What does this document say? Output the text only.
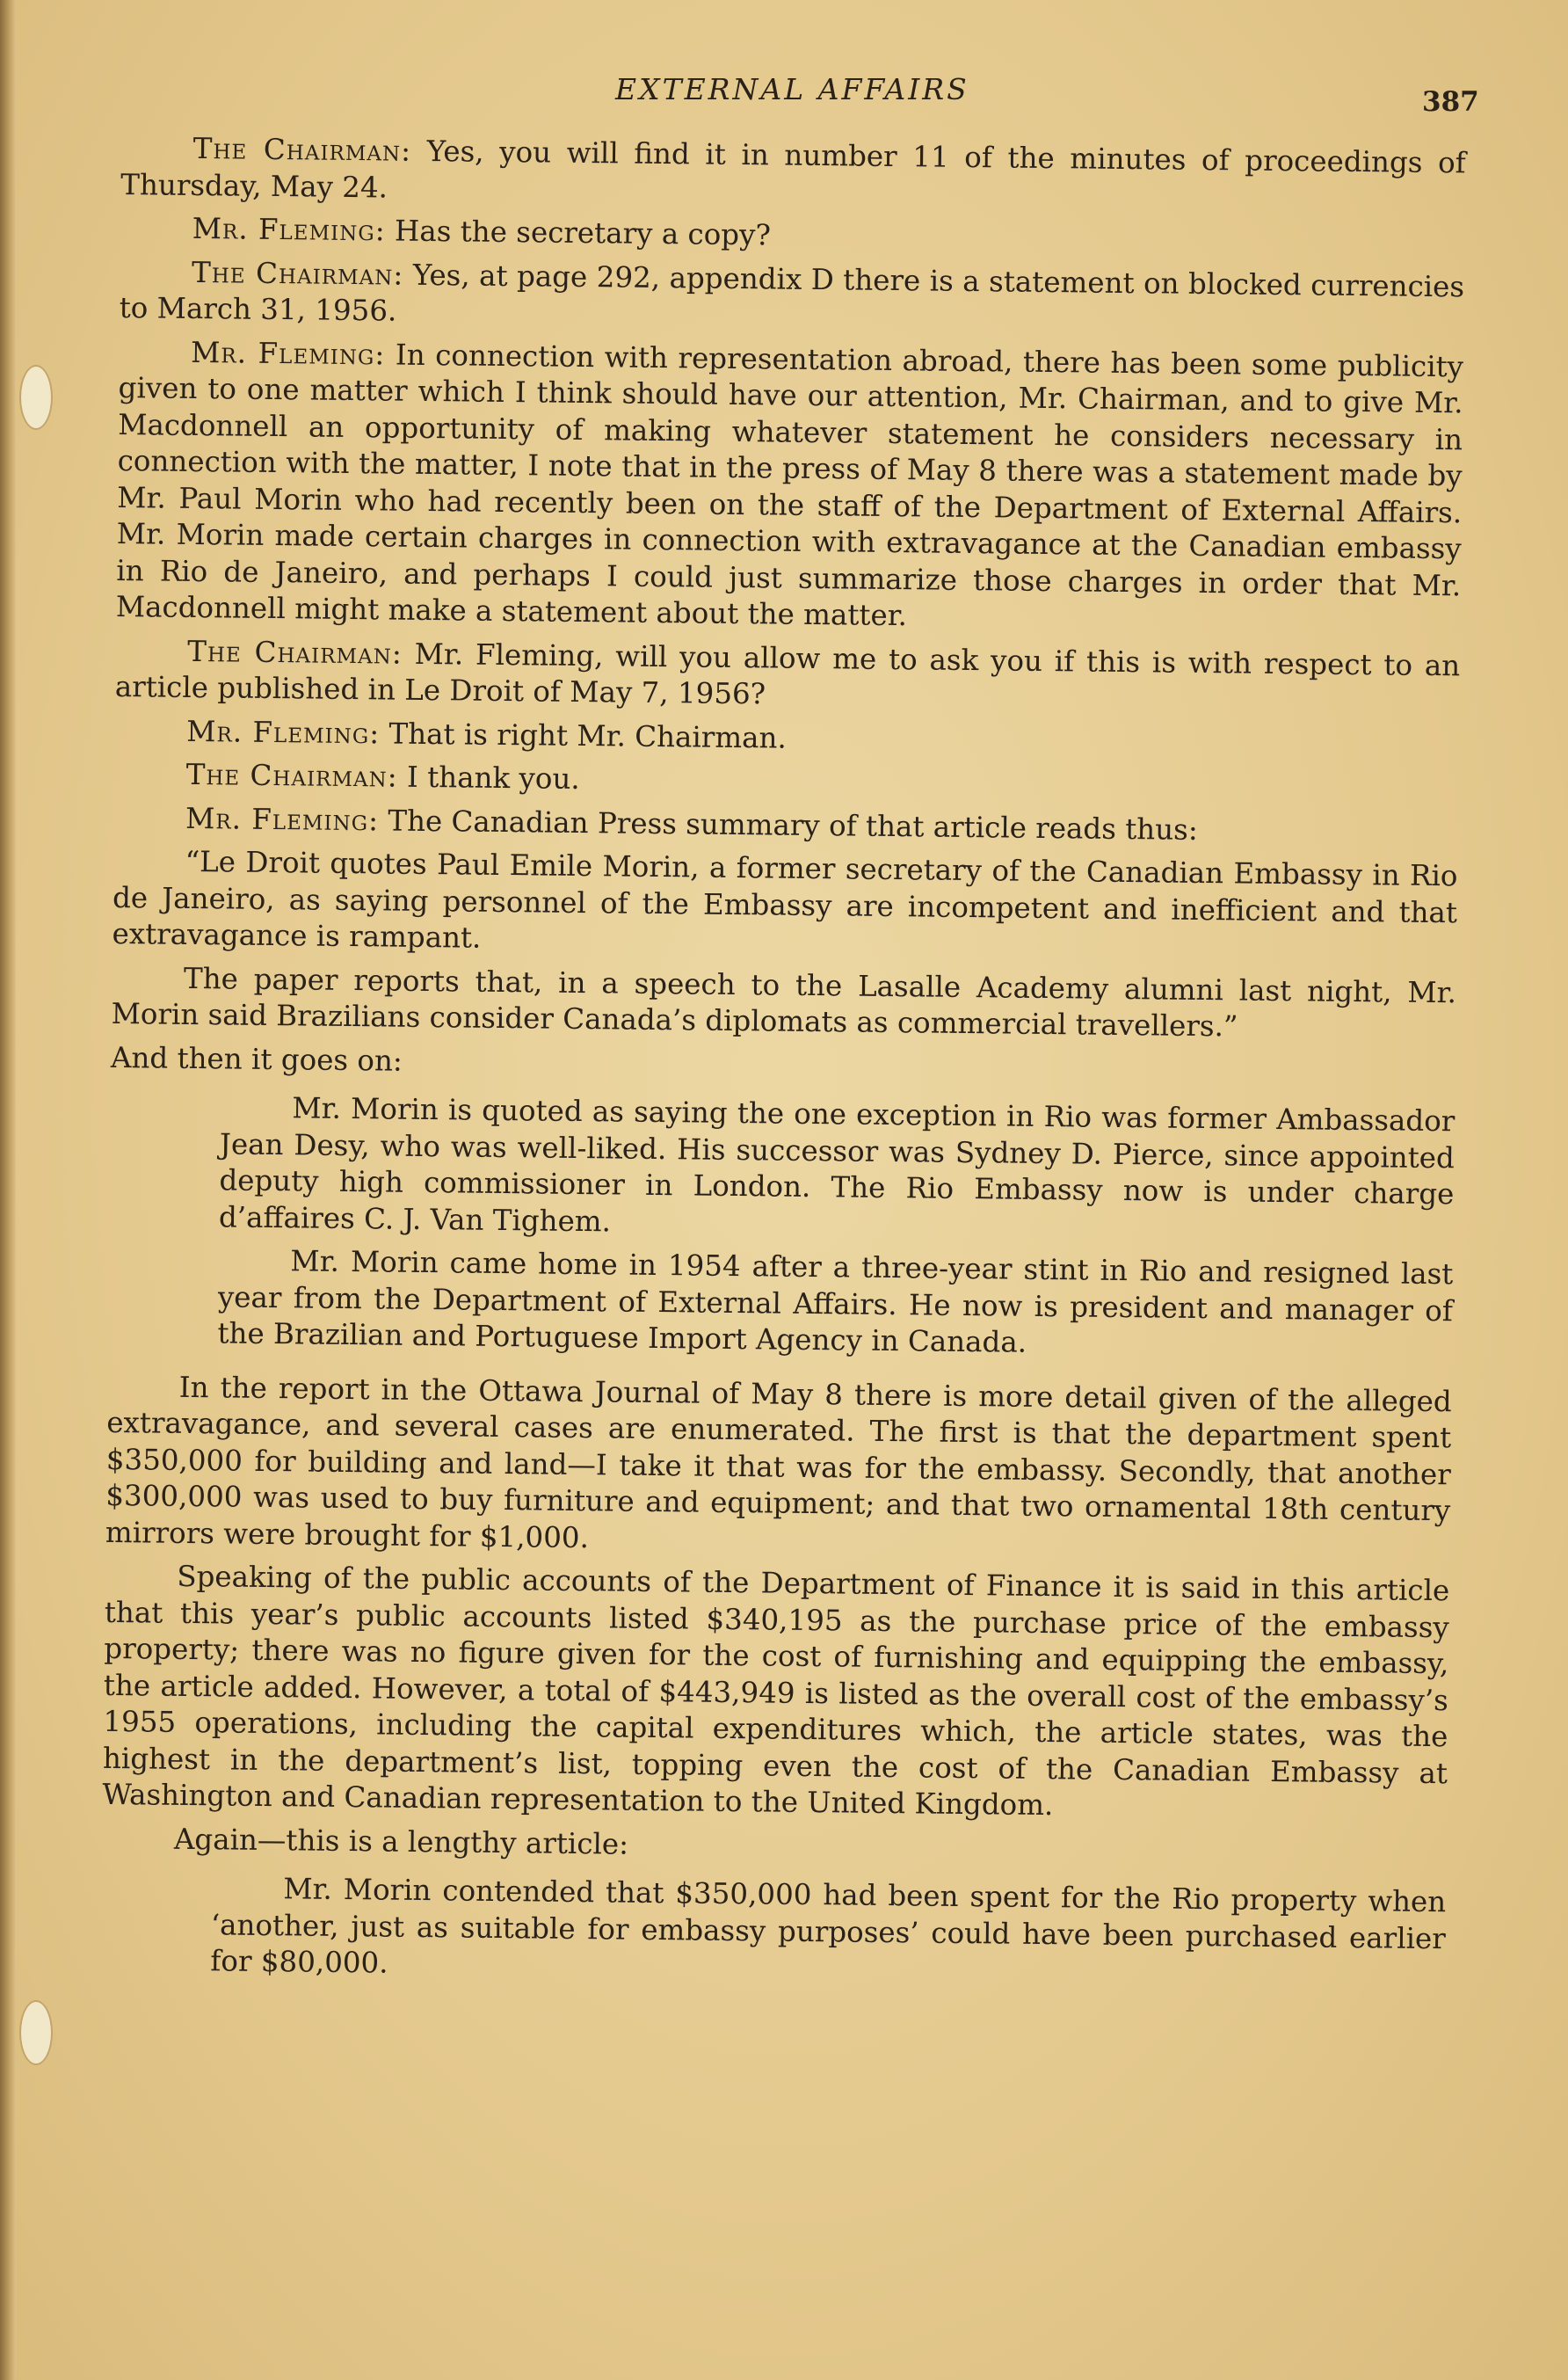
EXTERNAL AFFAIRS	387

The Chairman: Yes, you will find it in number 11 of the minutes of proceedings of Thursday, May 24.

Mr. Fleming: Has the secretary a copy?

The Chairman: Yes, at page 292, appendix D there is a statement on blocked currencies to March 31, 1956.

Mr. Fleming: In connection with representation abroad, there has been some publicity given to one matter which I think should have our attention, Mr. Chairman, and to give Mr. Macdonnell an opportunity of making whatever statement he considers necessary in connection with the matter, I note that in the press of May 8 there was a statement made by Mr. Paul Morin who had recently been on the staff of the Department of External Affairs. Mr. Morin made certain charges in connection with extravagance at the Canadian embassy in Rio de Janeiro, and perhaps I could just summarize those charges in order that Mr. Macdonnell might make a statement about the matter.

The Chairman: Mr. Fleming, will you allow me to ask you if this is with respect to an article published in Le Droit of May 7, 1956?

Mr. Fleming: That is right Mr. Chairman.

The Chairman: I thank you.

Mr. Fleming: The Canadian Press summary of that article reads thus:

“Le Droit quotes Paul Emile Morin, a former secretary of the Canadian Embassy in Rio de Janeiro, as saying personnel of the Embassy are incompetent and inefficient and that extravagance is rampant.

The paper reports that, in a speech to the Lasalle Academy alumni last night, Mr. Morin said Brazilians consider Canada’s diplomats as commercial travellers.”

And then it goes on:

Mr. Morin is quoted as saying the one exception in Rio was former Ambassador Jean Desy, who was well-liked. His successor was Sydney D. Pierce, since appointed deputy high commissioner in London. The Rio Embassy now is under charge d’affaires C. J. Van Tighem.

Mr. Morin came home in 1954 after a three-year stint in Rio and resigned last year from the Department of External Affairs. He now is president and manager of the Brazilian and Portuguese Import Agency in Canada.

In the report in the Ottawa Journal of May 8 there is more detail given of the alleged extravagance, and several cases are enumerated. The first is that the department spent $350,000 for building and land—I take it that was for the embassy. Secondly, that another $300,000 was used to buy furniture and equipment; and that two ornamental 18th century mirrors were brought for $1,000.

Speaking of the public accounts of the Department of Finance it is said in this article that this year’s public accounts listed $340,195 as the purchase price of the embassy property; there was no figure given for the cost of furnishing and equipping the embassy, the article added. However, a total of $443,949 is listed as the overall cost of the embassy’s 1955 operations, including the capital expenditures which, the article states, was the highest in the department’s list, topping even the cost of the Canadian Embassy at Washington and Canadian representation to the United Kingdom.

Again—this is a lengthy article:

Mr. Morin contended that $350,000 had been spent for the Rio property when ‘another, just as suitable for embassy purposes’ could have been purchased earlier for $80,000.
